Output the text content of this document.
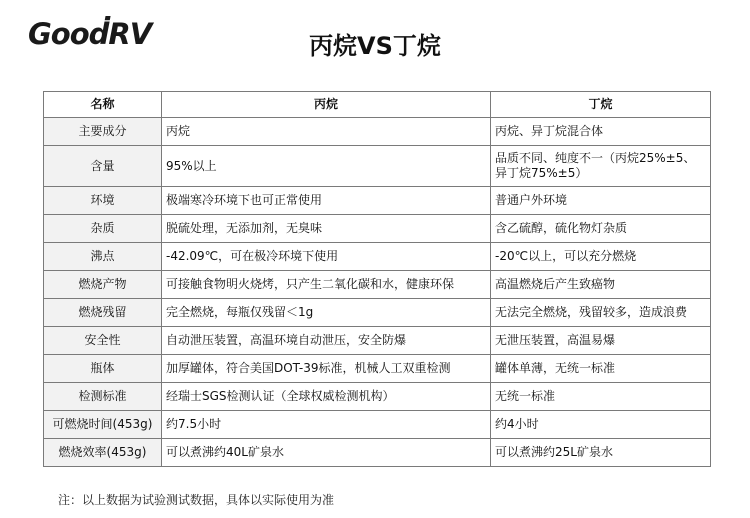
GooḋRV	丙烷VS丁烷
名称	丙烷	丁烷
主要成分	丙烷	丙烷、异丁烷混合体
含量	95%以上	品质不同、纯度不一（丙烷25%±5、异丁烷75%±5）
环境	极端寒冷环境下也可正常使用	普通户外环境
杂质	脱硫处理，无添加剂，无臭味	含乙硫醇，硫化物灯杂质
沸点	-42.09℃，可在极冷环境下使用	-20℃以上，可以充分燃烧
燃烧产物	可接触食物明火烧烤，只产生二氧化碳和水，健康环保	高温燃烧后产生致癌物
燃烧残留	完全燃烧，每瓶仅残留＜1g	无法完全燃烧，残留较多，造成浪费
安全性	自动泄压装置，高温环境自动泄压，安全防爆	无泄压装置，高温易爆
瓶体	加厚罐体，符合美国DOT-39标准，机械人工双重检测	罐体单薄，无统一标准
检测标准	经瑞士SGS检测认证（全球权威检测机构）	无统一标准
可燃烧时间(453g)	约7.5小时	约4小时
燃烧效率(453g)	可以煮沸约40L矿泉水	可以煮沸约25L矿泉水
注：以上数据为试验测试数据，具体以实际使用为准
